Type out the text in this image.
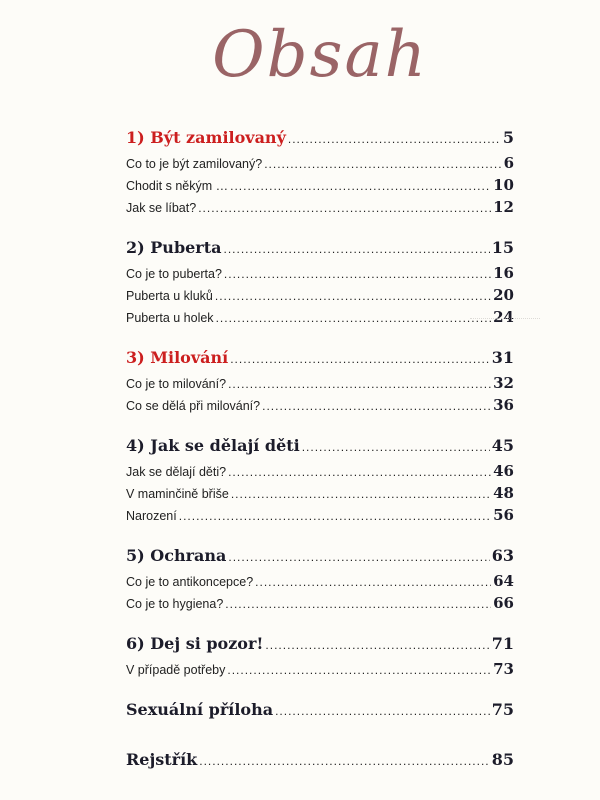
Obsah
1) Být zamilovaný .....	5
Co to je být zamilovaný? .....	6
Chodit s někým … .....	10
Jak se líbat? .....	12
2) Puberta .....	15
Co je to puberta? .....	16
Puberta u kluků .....	20
Puberta u holek .....	24
3) Milování .....	31
Co je to milování? .....	32
Co se dělá při milování? .....	36
4) Jak se dělají děti .....	45
Jak se dělají děti? .....	46
V maminčině břiše .....	48
Narození .....	56
5) Ochrana .....	63
Co je to antikoncepce? .....	64
Co je to hygiena? .....	66
6) Dej si pozor! .....	71
V případě potřeby .....	73
Sexuální příloha .....	75
Rejstřík .....	85
